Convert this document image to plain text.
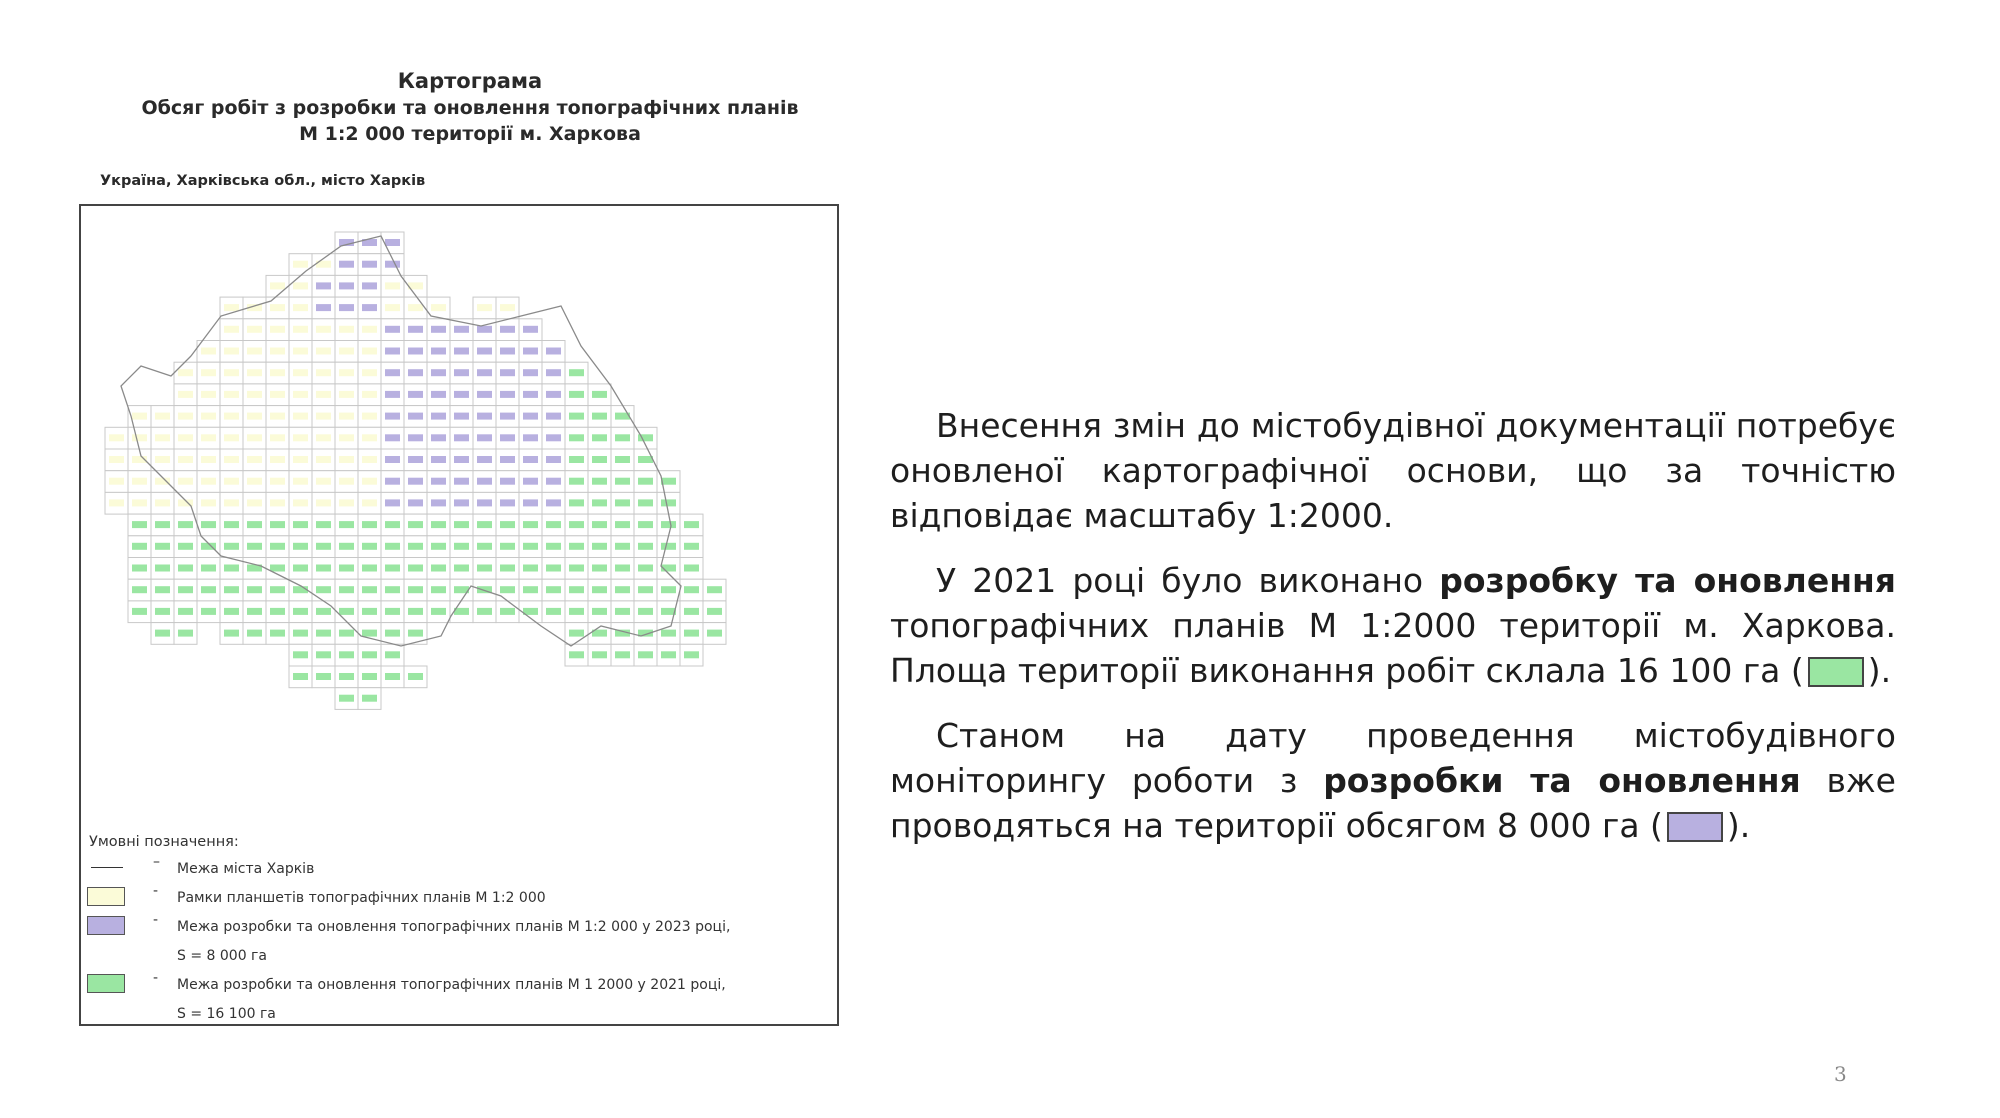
Картограма
Обсяг робіт з розробки та оновлення топографічних планів
М 1:2 000 території м. Харкова
Україна, Харківська обл., місто Харків
Умовні позначення:
– Межа міста Харків
- Рамки планшетів топографічних планів М 1:2 000
- Межа розробки та оновлення топографічних планів М 1:2 000 у 2023 році,
S = 8 000 га
- Межа розробки та оновлення топографічних планів М 1 2000 у 2021 році,
S = 16 100 га

Внесення змін до містобудівної документації потребує оновленої картографічної основи, що за точністю відповідає масштабу 1:2000.

У 2021 році було виконано розробку та оновлення топографічних планів М 1:2000 території м. Харкова. Площа території виконання робіт склала 16 100 га ( ).

Станом на дату проведення містобудівного моніторингу роботи з розробки та оновлення вже проводяться на території обсягом 8 000 га ( ).

3
